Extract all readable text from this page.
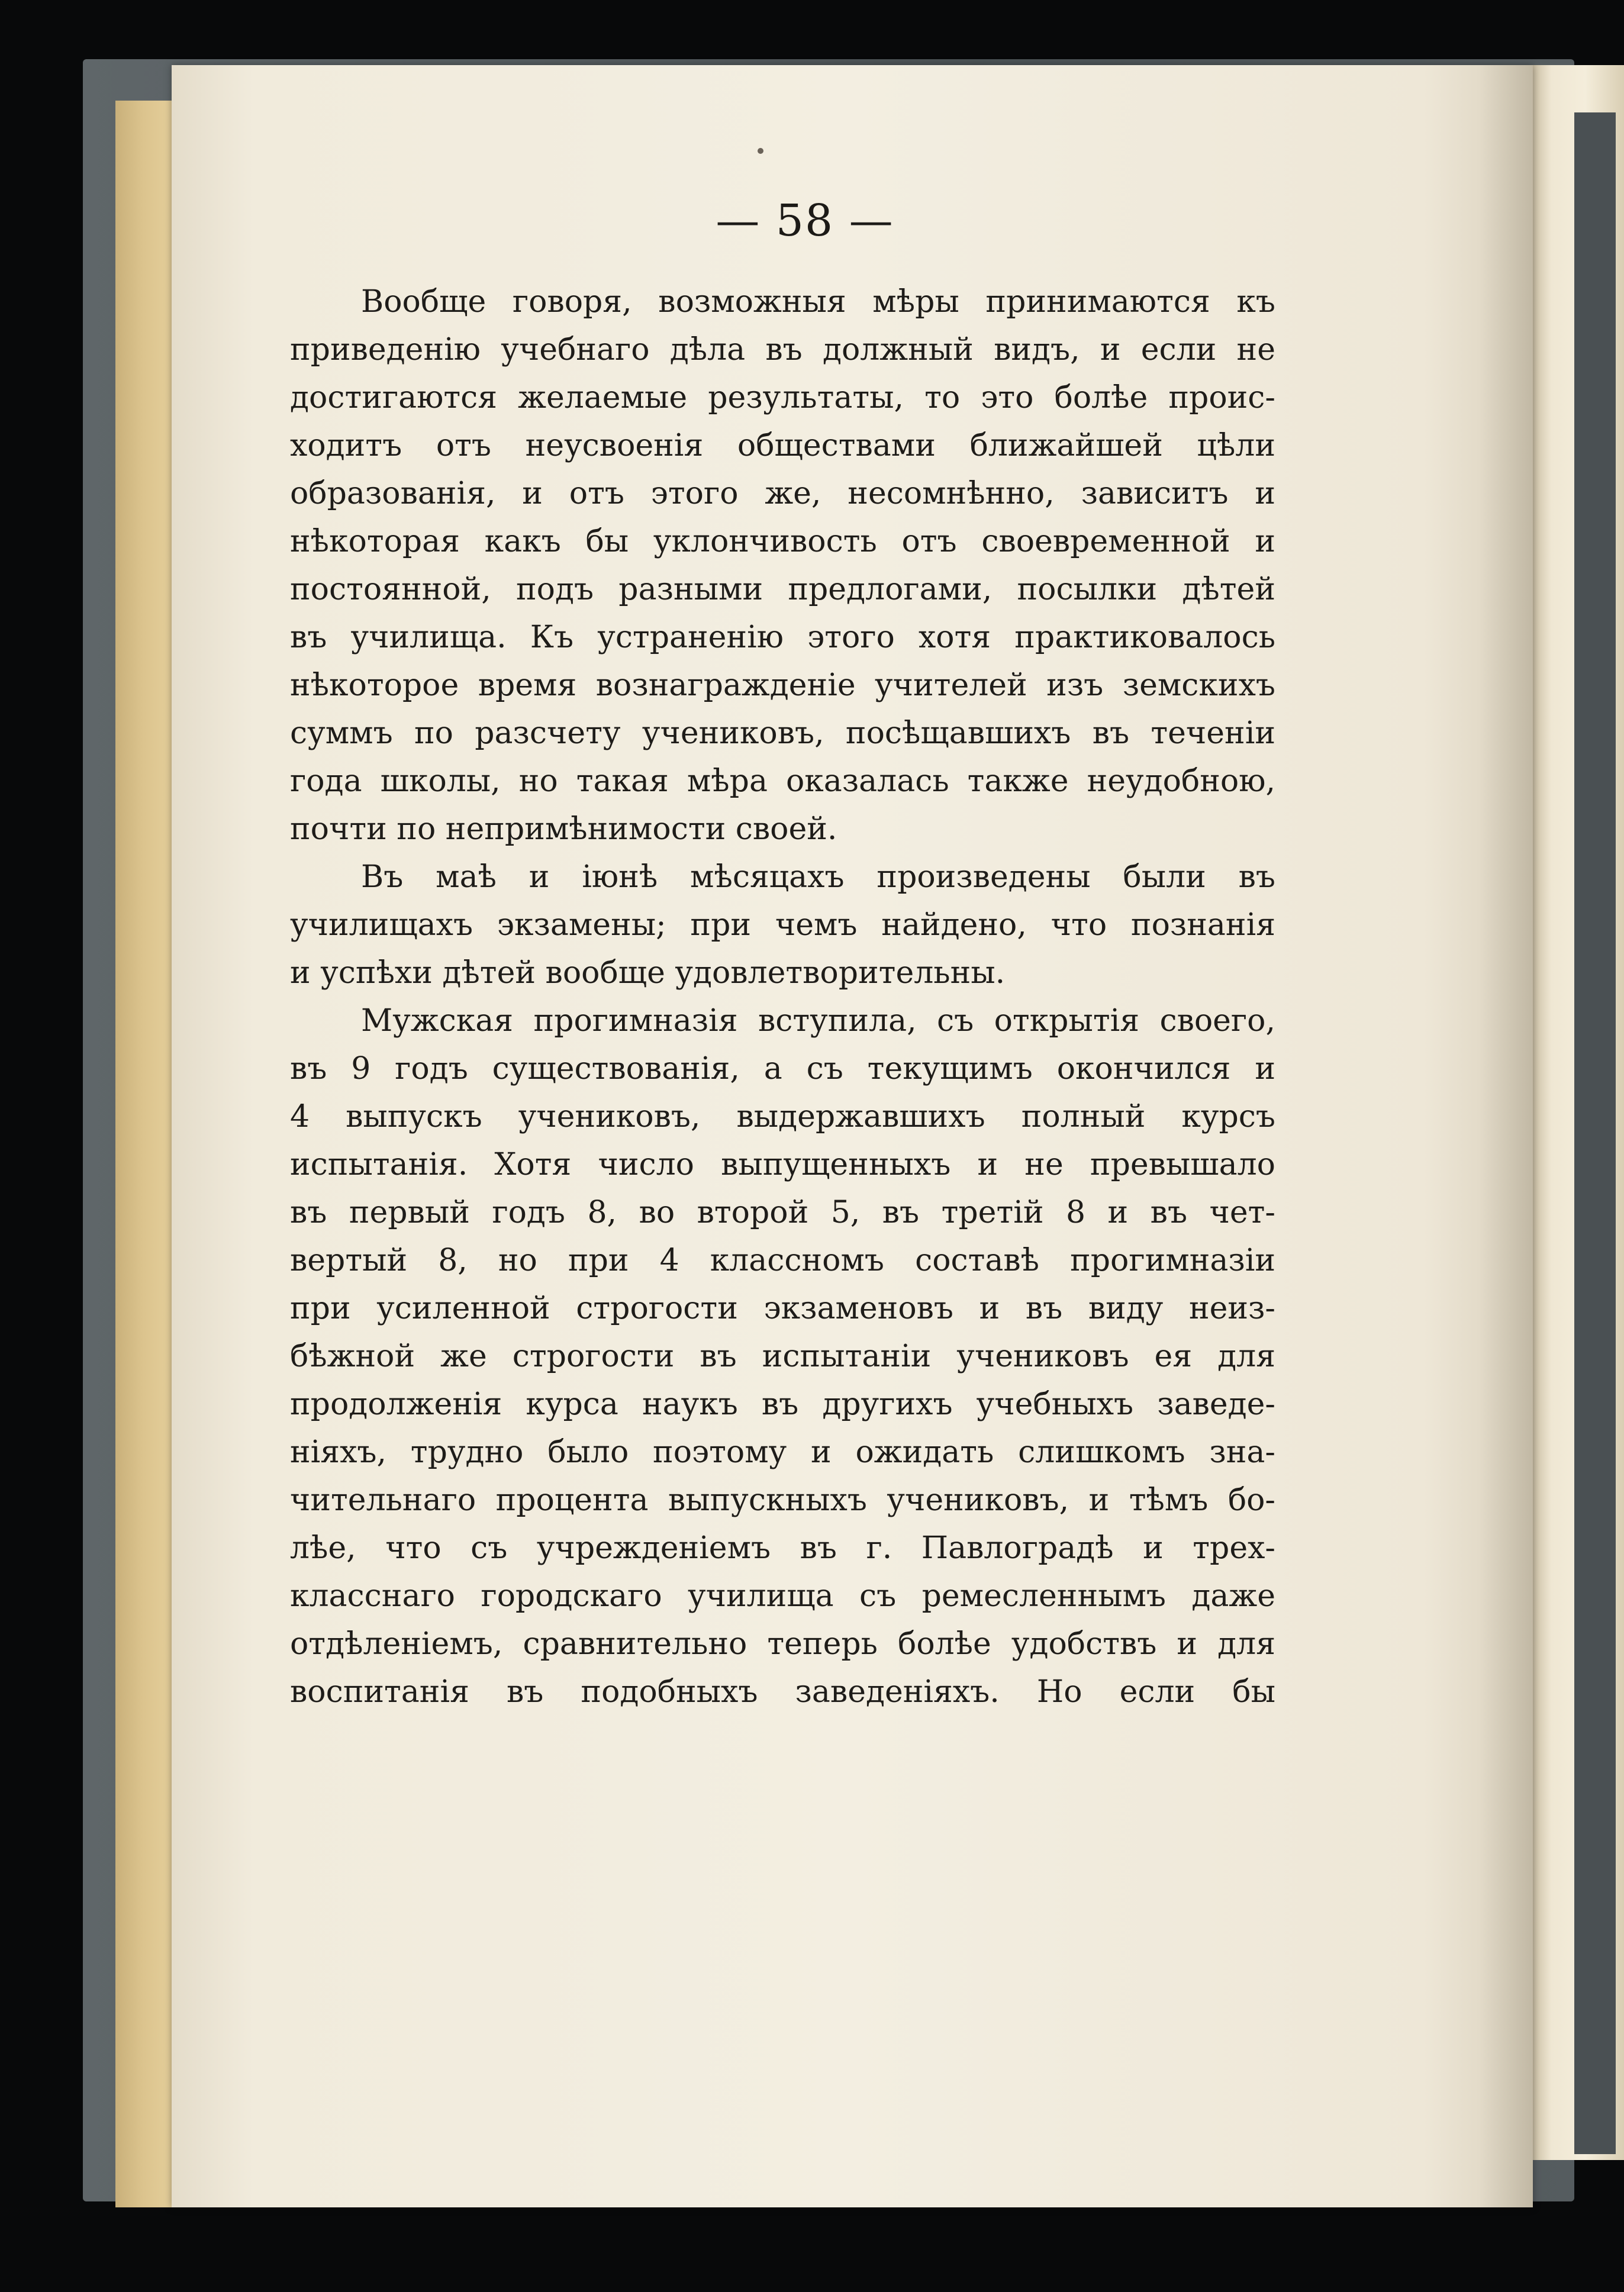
— 58 —
Вообще говоря, возможныя мѣры принимаются къ
приведенію учебнаго дѣла въ должный видъ, и если не
достигаются желаемые результаты, то это болѣе проис-
ходитъ отъ неусвоенія обществами ближайшей цѣли
образованія, и отъ этого же, несомнѣнно, зависитъ и
нѣкоторая какъ бы уклончивость отъ своевременной и
постоянной, подъ разными предлогами, посылки дѣтей
въ училища. Къ устраненію этого хотя практиковалось
нѣкоторое время вознагражденіе учителей изъ земскихъ
суммъ по разсчету учениковъ, посѣщавшихъ въ теченіи
года школы, но такая мѣра оказалась также неудобною,
почти по непримѣнимости своей.
Въ маѣ и іюнѣ мѣсяцахъ произведены были въ
училищахъ экзамены; при чемъ найдено, что познанія
и успѣхи дѣтей вообще удовлетворительны.
Мужская прогимназія вступила, съ открытія своего,
въ 9 годъ существованія, а съ текущимъ окончился и
4 выпускъ учениковъ, выдержавшихъ полный курсъ
испытанія. Хотя число выпущенныхъ и не превышало
въ первый годъ 8, во второй 5, въ третій 8 и въ чет-
вертый 8, но при 4 классномъ составѣ прогимназіи
при усиленной строгости экзаменовъ и въ виду неиз-
бѣжной же строгости въ испытаніи учениковъ ея для
продолженія курса наукъ въ другихъ учебныхъ заведе-
ніяхъ, трудно было поэтому и ожидать слишкомъ зна-
чительнаго процента выпускныхъ учениковъ, и тѣмъ бо-
лѣе, что съ учрежденіемъ въ г. Павлоградѣ и трех-
класснаго городскаго училища съ ремесленнымъ даже
отдѣленіемъ, сравнительно теперь болѣе удобствъ и для
воспитанія въ подобныхъ заведеніяхъ. Но если бы
